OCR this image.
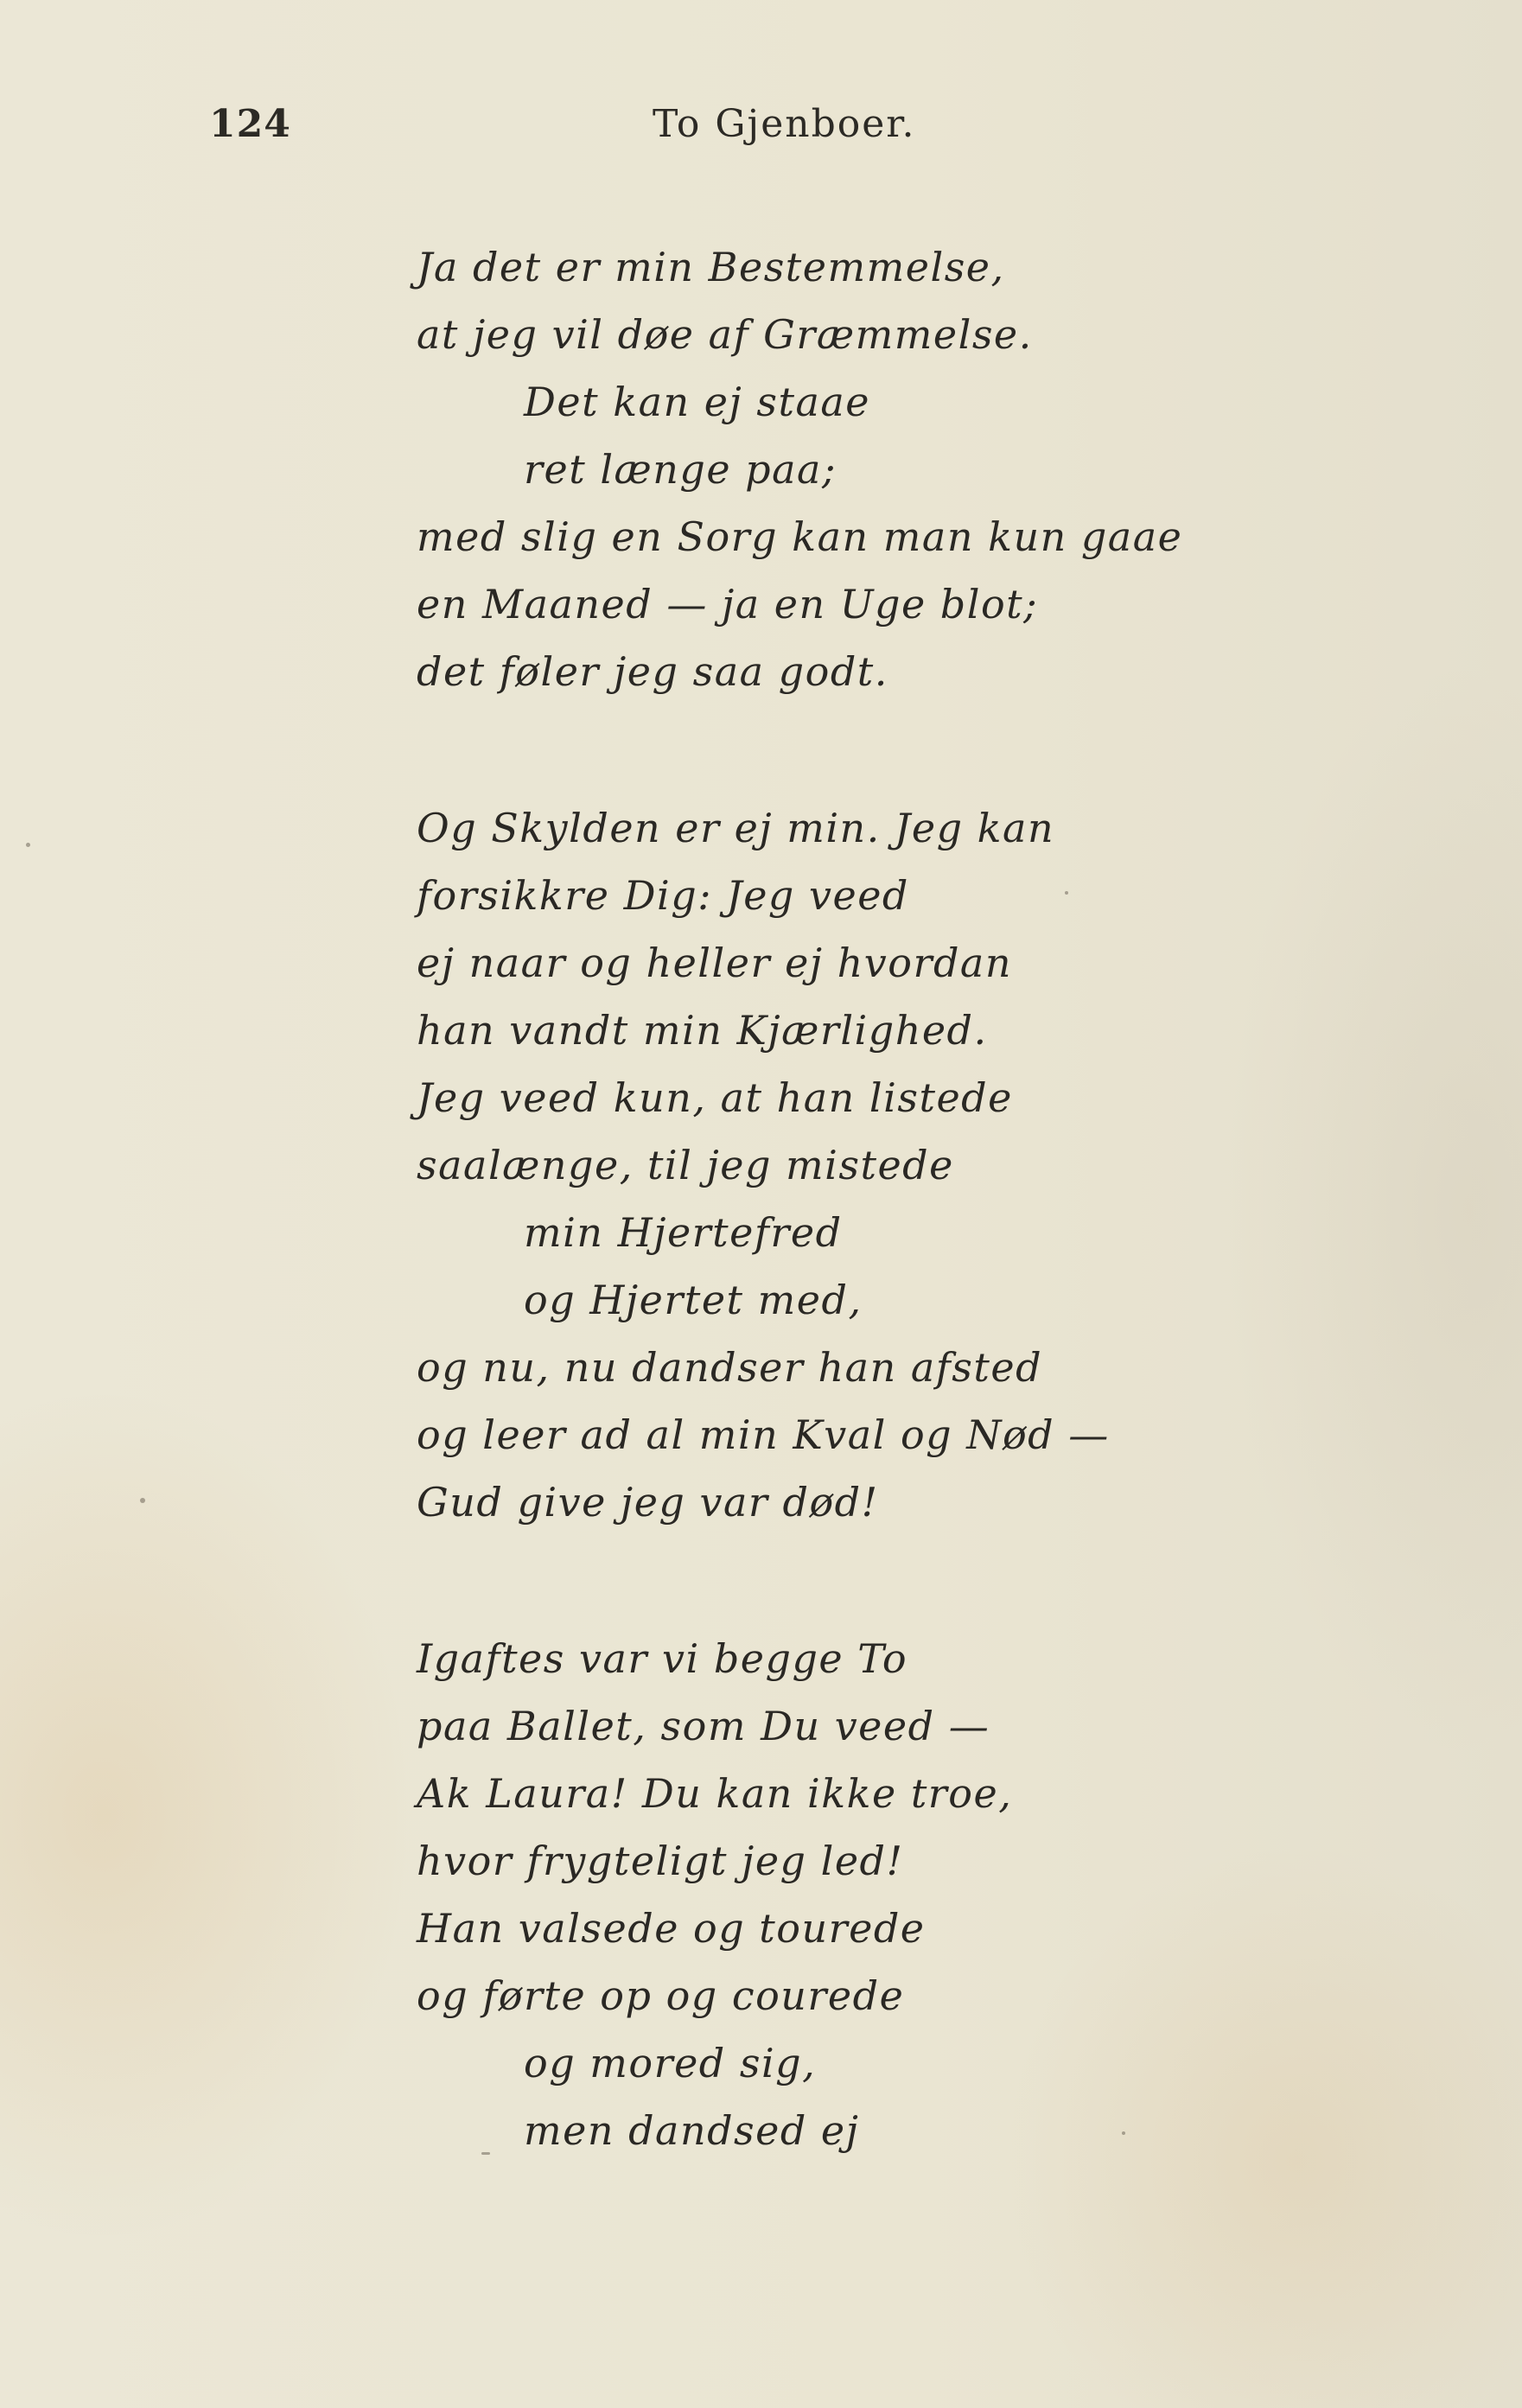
124	To Gjenboer.
Ja det er min Bestemmelse,
at jeg vil døe af Græmmelse.
Det kan ej staae
ret længe paa;
med slig en Sorg kan man kun gaae
en Maaned — ja en Uge blot;
det føler jeg saa godt.
Og Skylden er ej min. Jeg kan
forsikkre Dig: Jeg veed
ej naar og heller ej hvordan
han vandt min Kjærlighed.
Jeg veed kun, at han listede
saalænge, til jeg mistede
min Hjertefred
og Hjertet med,
og nu, nu dandser han afsted
og leer ad al min Kval og Nød —
Gud give jeg var død!
Igaftes var vi begge To
paa Ballet, som Du veed —
Ak Laura! Du kan ikke troe,
hvor frygteligt jeg led!
Han valsede og tourede
og førte op og courede
og mored sig,
men dandsed ej
